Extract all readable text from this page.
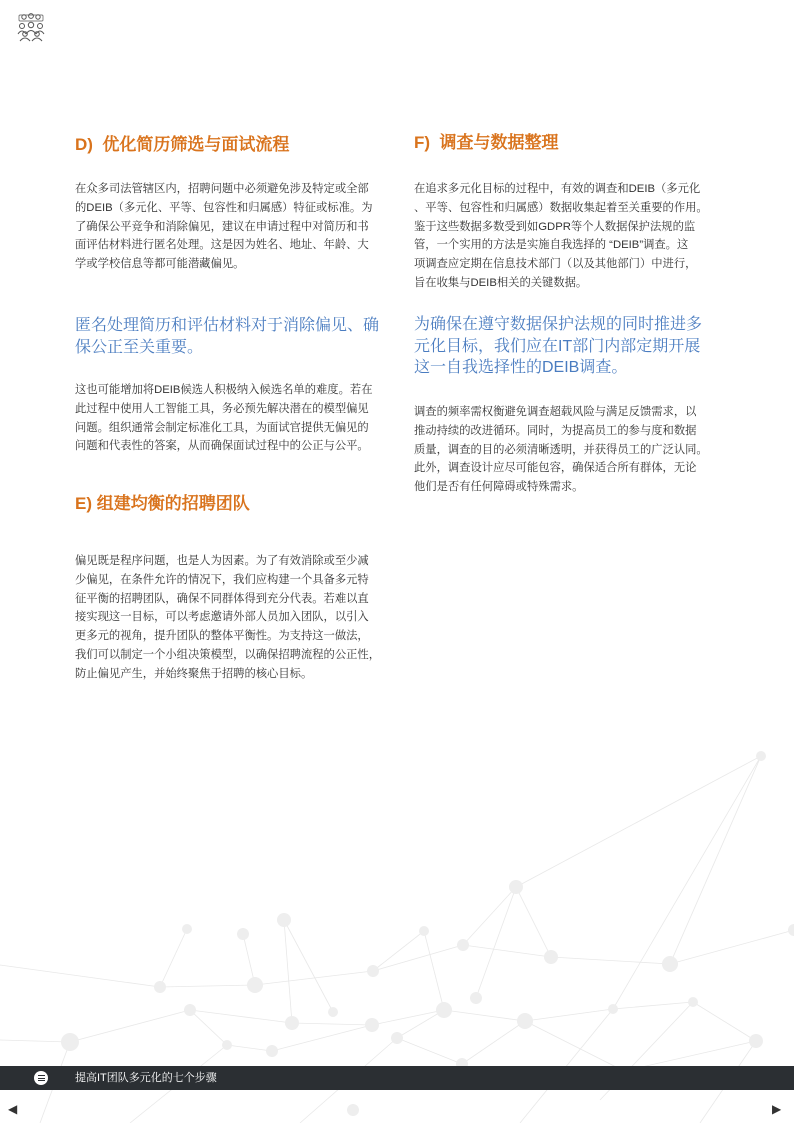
D)  优化简历筛选与面试流程

在众多司法管辖区内，招聘问题中必须避免涉及特定或全部

的DEIB（多元化、平等、包容性和归属感）特征或标准。为

了确保公平竞争和消除偏见，建议在申请过程中对简历和书

面评估材料进行匿名处理。这是因为姓名、地址、年龄、大

学或学校信息等都可能潜藏偏见。

匿名处理简历和评估材料对于消除偏见、确

保公正至关重要。

这也可能增加将DEIB候选人积极纳入候选名单的难度。若在

此过程中使用人工智能工具，务必预先解决潜在的模型偏见

问题。组织通常会制定标准化工具，为面试官提供无偏见的

问题和代表性的答案，从而确保面试过程中的公正与公平。

E) 组建均衡的招聘团队

偏见既是程序问题，也是人为因素。为了有效消除或至少减

少偏见，在条件允许的情况下，我们应构建一个具备多元特

征平衡的招聘团队，确保不同群体得到充分代表。若难以直

接实现这一目标，可以考虑邀请外部人员加入团队，以引入

更多元的视角，提升团队的整体平衡性。为支持这一做法，

我们可以制定一个小组决策模型，以确保招聘流程的公正性，

防止偏见产生，并始终聚焦于招聘的核心目标。

F)  调查与数据整理

在追求多元化目标的过程中，有效的调查和DEIB（多元化

、平等、包容性和归属感）数据收集起着至关重要的作用。

鉴于这些数据多数受到如GDPR等个人数据保护法规的监

管，一个实用的方法是实施自我选择的 “DEIB”调查。这

项调查应定期在信息技术部门（以及其他部门）中进行，

旨在收集与DEIB相关的关键数据。

为确保在遵守数据保护法规的同时推进多

元化目标，我们应在IT部门内部定期开展

这一自我选择性的DEIB调查。

调查的频率需权衡避免调查超载风险与满足反馈需求，以

推动持续的改进循环。同时，为提高员工的参与度和数据

质量，调查的目的必须清晰透明，并获得员工的广泛认同。

此外，调查设计应尽可能包容，确保适合所有群体，无论

他们是否有任何障碍或特殊需求。

提高IT团队多元化的七个步骤
◀	▶
